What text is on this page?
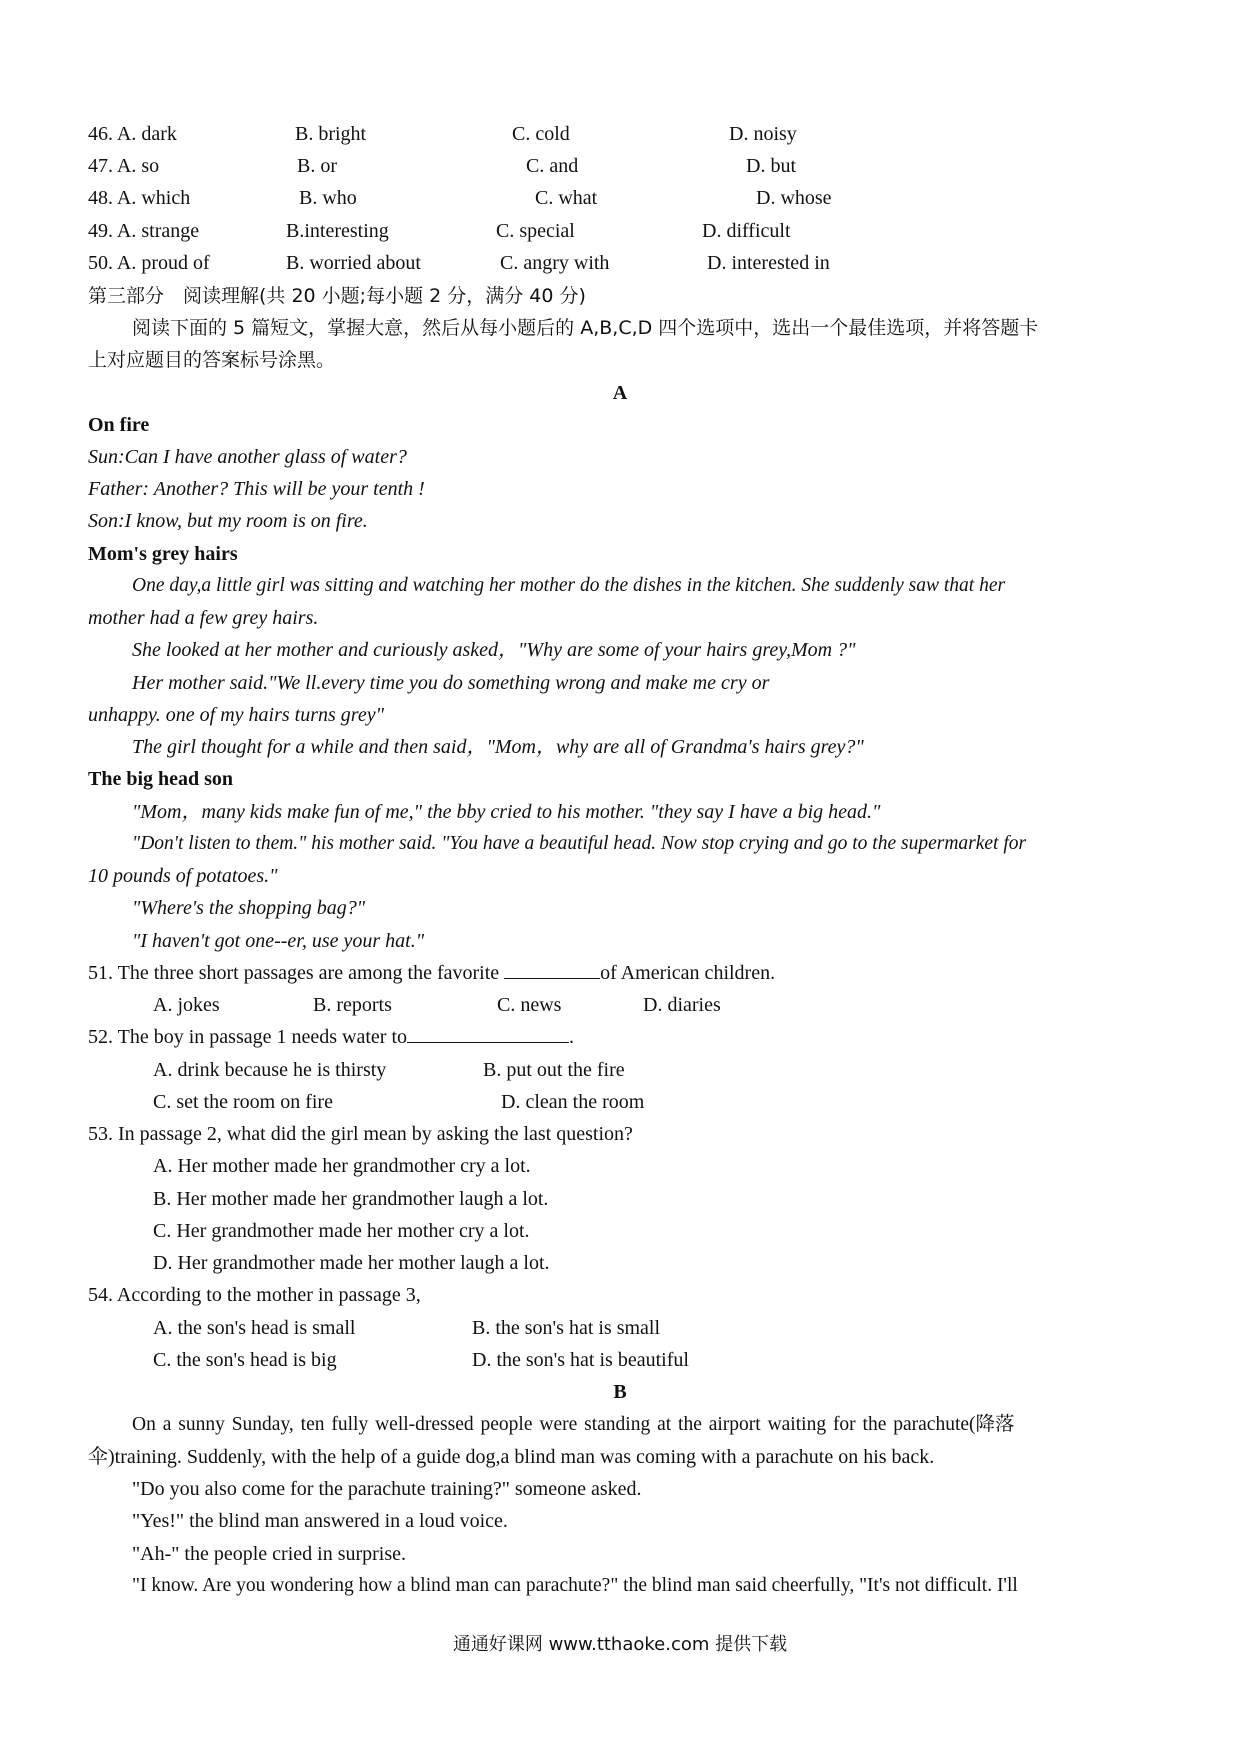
46. A. dark	B. bright	C. cold	D. noisy
47. A. so	B. or	C. and	D. but
48. A. which	B. who	C. what	D. whose
49. A. strange	B.interesting	C. special	D. difficult
50. A. proud of	B. worried about	C. angry with	D. interested in
第三部分　阅读理解(共 20 小题;每小题 2 分，满分 40 分)
阅读下面的 5 篇短文，掌握大意，然后从每小题后的 A,B,C,D 四个选项中，选出一个最佳选项，并将答题卡
上对应题目的答案标号涂黑。
A
On fire
Sun:Can I have another glass of water?
Father: Another? This will be your tenth !
Son:I know, but my room is on fire.
Mom's grey hairs
One day,a little girl was sitting and watching her mother do the dishes in the kitchen. She suddenly saw that her
mother had a few grey hairs.
She looked at her mother and curiously asked，"Why are some of your hairs grey,Mom ?"
Her mother said."We ll.every time you do something wrong and make me cry or
unhappy. one of my hairs turns grey"
The girl thought for a while and then said，"Mom，why are all of Grandma's hairs grey?"
The big head son
"Mom，many kids make fun of me," the bby cried to his mother. "they say I have a big head."
"Don't listen to them." his mother said. "You have a beautiful head. Now stop crying and go to the supermarket for
10 pounds of potatoes."
"Where's the shopping bag?"
"I haven't got one--er, use your hat."
51. The three short passages are among the favorite	of American children.
A. jokes	B. reports	C. news	D. diaries
52. The boy in passage 1 needs water to	.
A. drink because he is thirsty	B. put out the fire
C. set the room on fire	D. clean the room
53. In passage 2, what did the girl mean by asking the last question?
A. Her mother made her grandmother cry a lot.
B. Her mother made her grandmother laugh a lot.
C. Her grandmother made her mother cry a lot.
D. Her grandmother made her mother laugh a lot.
54. According to the mother in passage 3,
A. the son's head is small	B. the son's hat is small
C. the son's head is big	D. the son's hat is beautiful
B
On a sunny Sunday, ten fully well-dressed people were standing at the airport waiting for the parachute(降落
伞)training. Suddenly, with the help of a guide dog,a blind man was coming with a parachute on his back.
"Do you also come for the parachute training?" someone asked.
"Yes!" the blind man answered in a loud voice.
"Ah-" the people cried in surprise.
"I know. Are you wondering how a blind man can parachute?" the blind man said cheerfully, "It's not difficult. I'll
通通好课网 www.tthaoke.com 提供下载
